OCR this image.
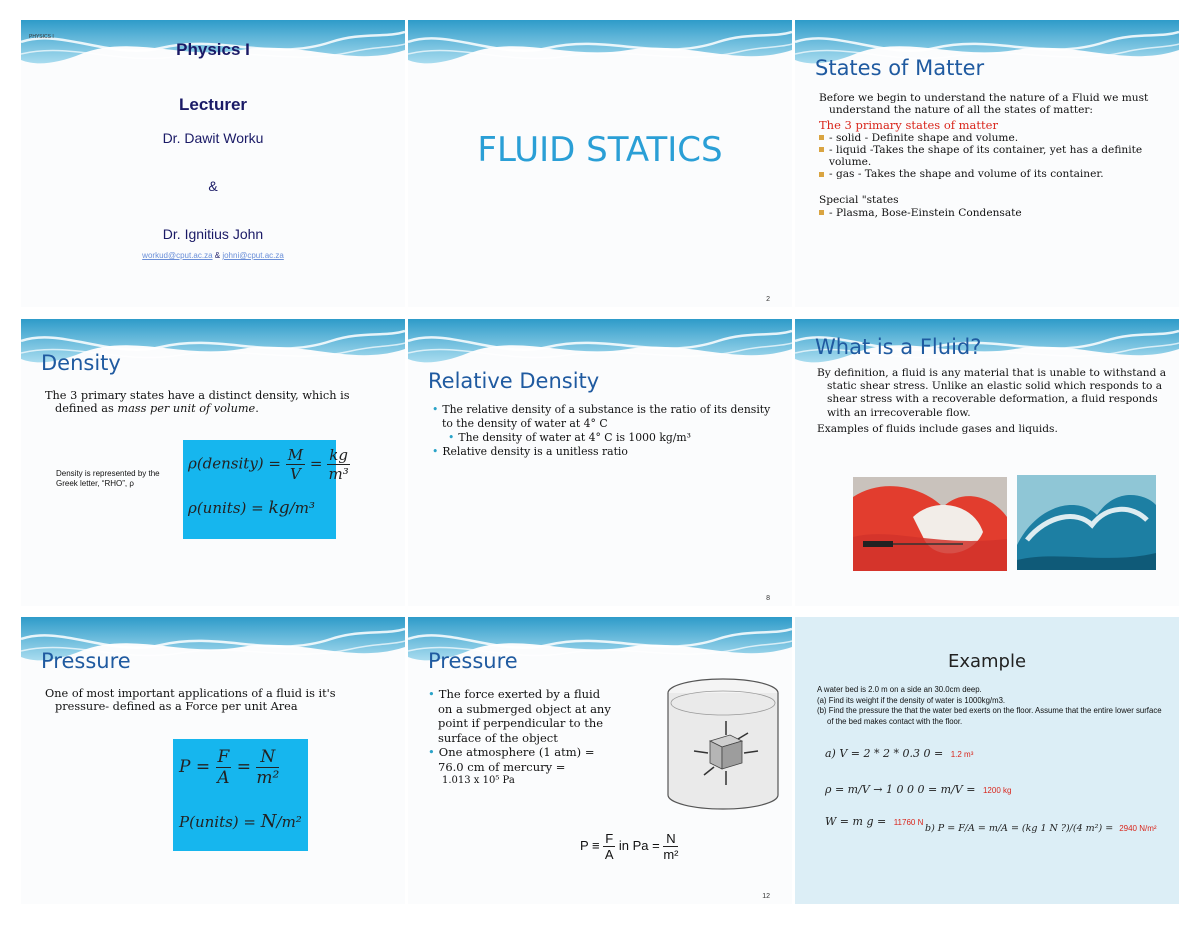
PHYSICS I
Physics I
Lecturer
Dr. Dawit Worku
&
Dr. Ignitius John
workud@cput.ac.za & johni@cput.ac.za
FLUID STATICS
2
States of Matter

Before we begin to understand the nature of a Fluid we must understand the nature of all the states of matter:

The 3 primary states of matter

- solid - Definite shape and volume.

- liquid -Takes the shape of its container, yet has a definite volume.

- gas - Takes the shape and volume of its container.

Special "states

- Plasma, Bose-Einstein Condensate

Density

The 3 primary states have a distinct density, which is defined as mass per unit of volume.

Density is represented by the Greek letter, “RHO”, ρ
ρ(density) = $\frac{M}{V} = \frac{kg}{\text{m³}}$
ρ(units) = kg/m³
Relative Density

• The relative density of a substance is the ratio of its density to the density of water at 4° C

• The density of water at 4° C is 1000 kg/m³

• Relative density is a unitless ratio

8
What is a Fluid?

By definition, a fluid is any material that is unable to withstand a static shear stress. Unlike an elastic solid which responds to a shear stress with a recoverable deformation, a fluid responds with an irrecoverable flow.

Examples of fluids include gases and liquids.

Pressure

One of most important applications of a fluid is it's pressure- defined as a Force per unit Area

$P = \frac{F}{A} = \frac{N}{\text{m²}}$
P(units) = N/m²
Pressure

• The force exerted by a fluid on a submerged object at any point if perpendicular to the surface of the object

• One atmosphere (1 atm) = 76.0 cm of mercury =

1.013 x 10⁵ Pa

$P \equiv \frac{F}{A}$ in $Pa = \frac{N}{\text{m²}}$
12
Example

A water bed is 2.0 m on a side an 30.0cm deep.

(a) Find its weight if the density of water is 1000kg/m3.

(b) Find the pressure the that the water bed exerts on the floor. Assume that the entire lower surface of the bed makes contact with the floor.

a) V = 2 * 2 * 0.3 0 = 1.2 m³
ρ = m/V → 1 0 0 0 = m/V = 1200 kg
W = m g = 11760 N
b) P = F/A = m/A = (kg 1 N ?)/(4 m²) = 2940 N/m²
